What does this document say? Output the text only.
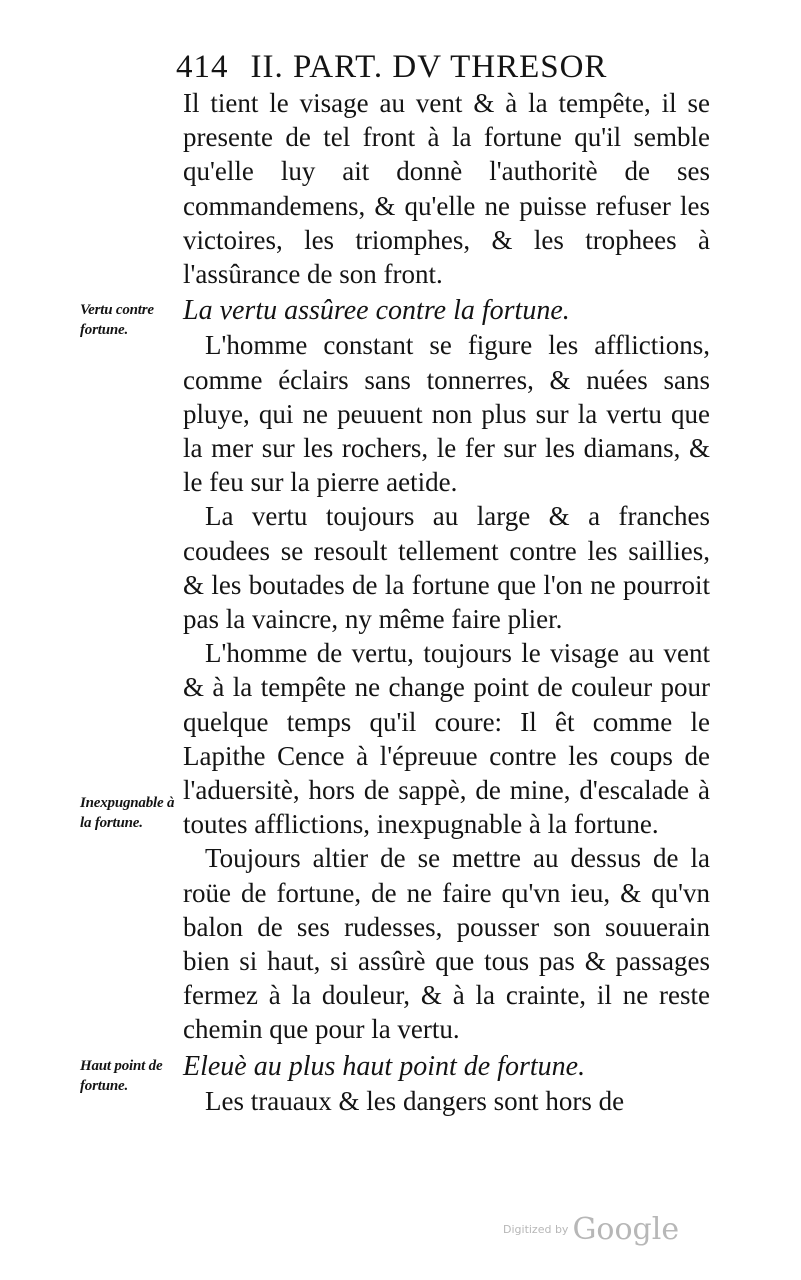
414 II. PART. DV THRESOR
Vertu contre fortune.
Inexpugnable à la fortune.
Haut point de fortune.

Il tient le visage au vent & à la tempête, il se presente de tel front à la fortune qu'il semble qu'elle luy ait donnè l'authoritè de ses commandemens, & qu'elle ne puisse refuser les victoires, les triomphes, & les trophees à l'assûrance de son front.

La vertu assûree contre la fortune.

L'homme constant se figure les afflictions, comme éclairs sans tonnerres, & nuées sans pluye, qui ne peuuent non plus sur la vertu que la mer sur les rochers, le fer sur les diamans, & le feu sur la pierre aetide.

La vertu toujours au large & a franches coudees se resoult tellement contre les saillies, & les boutades de la fortune que l'on ne pourroit pas la vaincre, ny même faire plier.

L'homme de vertu, toujours le visage au vent & à la tempête ne change point de couleur pour quelque temps qu'il coure: Il êt comme le Lapithe Cence à l'épreuue contre les coups de l'aduersitè, hors de sappè, de mine, d'escalade à toutes afflictions, inexpugnable à la fortune.

Toujours altier de se mettre au dessus de la roüe de fortune, de ne faire qu'vn ieu, & qu'vn balon de ses rudesses, pousser son souuerain bien si haut, si assûrè que tous pas & passages fermez à la douleur, & à la crainte, il ne reste chemin que pour la vertu.

Eleuè au plus haut point de fortune.

Les trauaux & les dangers sont hors de

Digitized by Google
